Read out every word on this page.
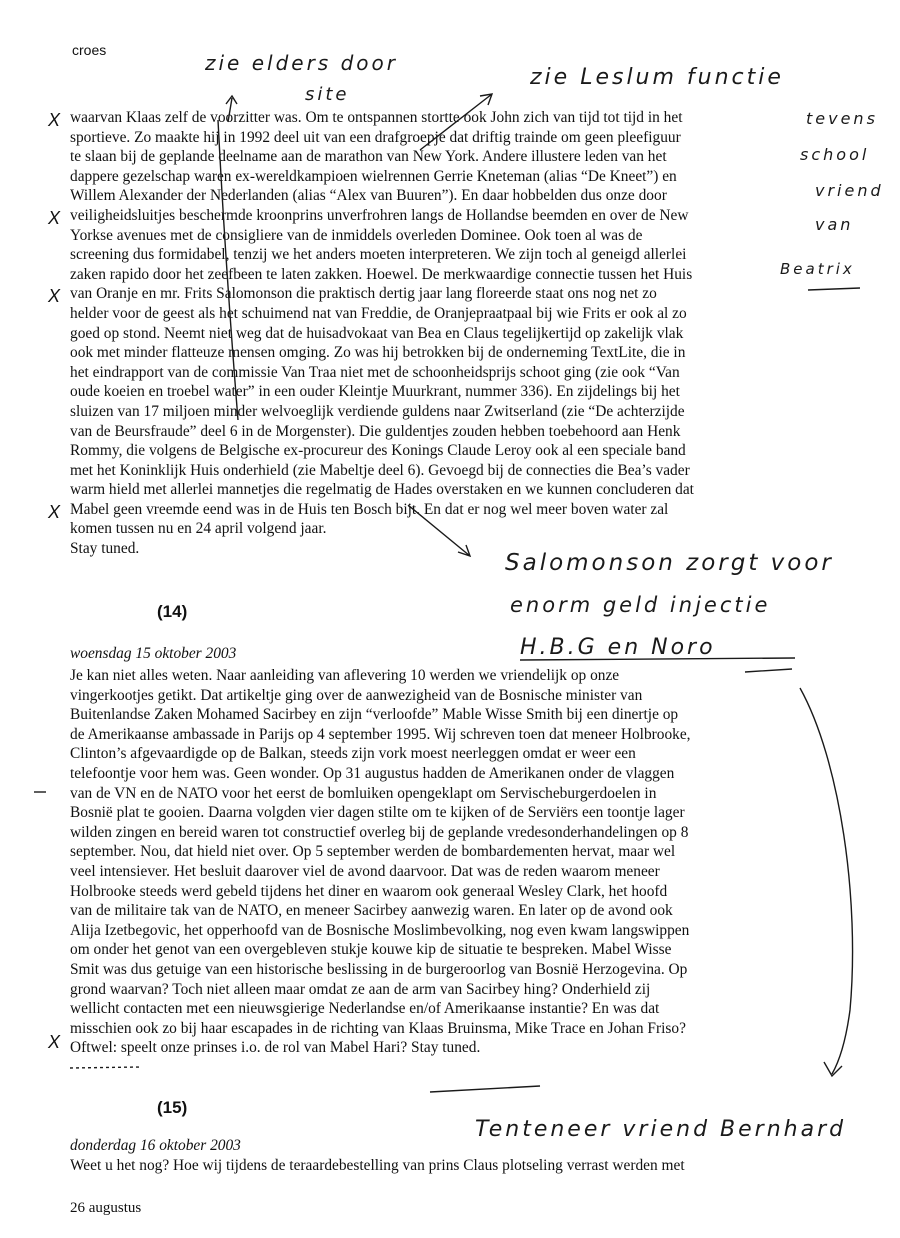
croes
waarvan Klaas zelf de voorzitter was. Om te ontspannen stortte ook John zich van tijd tot tijd in het
sportieve. Zo maakte hij in 1992 deel uit van een drafgroepje dat driftig trainde om geen pleefiguur
te slaan bij de geplande deelname aan de marathon van New York. Andere illustere leden van het
dappere gezelschap waren ex-wereldkampioen wielrennen Gerrie Kneteman (alias “De Kneet”) en
Willem Alexander der Nederlanden (alias “Alex van Buuren”). En daar hobbelden dus onze door
veiligheidsluitjes beschermde kroonprins unverfrohren langs de Hollandse beemden en over de New
Yorkse avenues met de consigliere van de inmiddels overleden Dominee. Ook toen al was de
screening dus formidabel, tenzij we het anders moeten interpreteren. We zijn toch al geneigd allerlei
zaken rapido door het zeefbeen te laten zakken. Hoewel. De merkwaardige connectie tussen het Huis
van Oranje en mr. Frits Salomonson die praktisch dertig jaar lang floreerde staat ons nog net zo
helder voor de geest als het schuimend nat van Freddie, de Oranjepraatpaal bij wie Frits er ook al zo
goed op stond. Neemt niet weg dat de huisadvokaat van Bea en Claus tegelijkertijd op zakelijk vlak
ook met minder flatteuze mensen omging. Zo was hij betrokken bij de onderneming TextLite, die in
het eindrapport van de commissie Van Traa niet met de schoonheidsprijs schoot ging (zie ook “Van
oude koeien en troebel water” in een ouder Kleintje Muurkrant, nummer 336). En zijdelings bij het
sluizen van 17 miljoen minder welvoeglijk verdiende guldens naar Zwitserland (zie “De achterzijde
van de Beursfraude” deel 6 in de Morgenster). Die guldentjes zouden hebben toebehoord aan Henk
Rommy, die volgens de Belgische ex-procureur des Konings Claude Leroy ook al een speciale band
met het Koninklijk Huis onderhield (zie Mabeltje deel 6). Gevoegd bij de connecties die Bea’s vader
warm hield met allerlei mannetjes die regelmatig de Hades overstaken en we kunnen concluderen dat
Mabel geen vreemde eend was in de Huis ten Bosch bijt. En dat er nog wel meer boven water zal
komen tussen nu en 24 april volgend jaar.
Stay tuned.
(14)
woensdag 15 oktober 2003
Je kan niet alles weten. Naar aanleiding van aflevering 10 werden we vriendelijk op onze
vingerkootjes getikt. Dat artikeltje ging over de aanwezigheid van de Bosnische minister van
Buitenlandse Zaken Mohamed Sacirbey en zijn “verloofde” Mable Wisse Smith bij een dinertje op
de Amerikaanse ambassade in Parijs op 4 september 1995. Wij schreven toen dat meneer Holbrooke,
Clinton’s afgevaardigde op de Balkan, steeds zijn vork moest neerleggen omdat er weer een
telefoontje voor hem was. Geen wonder. Op 31 augustus hadden de Amerikanen onder de vlaggen
van de VN en de NATO voor het eerst de bomluiken opengeklapt om Servischeburgerdoelen in
Bosnië plat te gooien. Daarna volgden vier dagen stilte om te kijken of de Serviërs een toontje lager
wilden zingen en bereid waren tot constructief overleg bij de geplande vredesonderhandelingen op 8
september. Nou, dat hield niet over. Op 5 september werden de bombardementen hervat, maar wel
veel intensiever. Het besluit daarover viel de avond daarvoor. Dat was de reden waarom meneer
Holbrooke steeds werd gebeld tijdens het diner en waarom ook generaal Wesley Clark, het hoofd
van de militaire tak van de NATO, en meneer Sacirbey aanwezig waren. En later op de avond ook
Alija Izetbegovic, het opperhoofd van de Bosnische Moslimbevolking, nog even kwam langswippen
om onder het genot van een overgebleven stukje kouwe kip de situatie te bespreken. Mabel Wisse
Smit was dus getuige van een historische beslissing in de burgeroorlog van Bosnië Herzogevina. Op
grond waarvan? Toch niet alleen maar omdat ze aan de arm van Sacirbey hing? Onderhield zij
wellicht contacten met een nieuwsgierige Nederlandse en/of Amerikaanse instantie? En was dat
misschien ook zo bij haar escapades in de richting van Klaas Bruinsma, Mike Trace en Johan Friso?
Oftwel: speelt onze prinses i.o. de rol van Mabel Hari? Stay tuned.
(15)
donderdag 16 oktober 2003
Weet u het nog? Hoe wij tijdens de teraardebestelling van prins Claus plotseling verrast werden met
26 augustus
X
X
X
X
X
zie elders door
site
zie Leslum functie
tevens
school
vriend
van
Beatrix
Salomonson zorgt voor
enorm geld injectie
H.B.G en Noro
Tenteneer vriend Bernhard
